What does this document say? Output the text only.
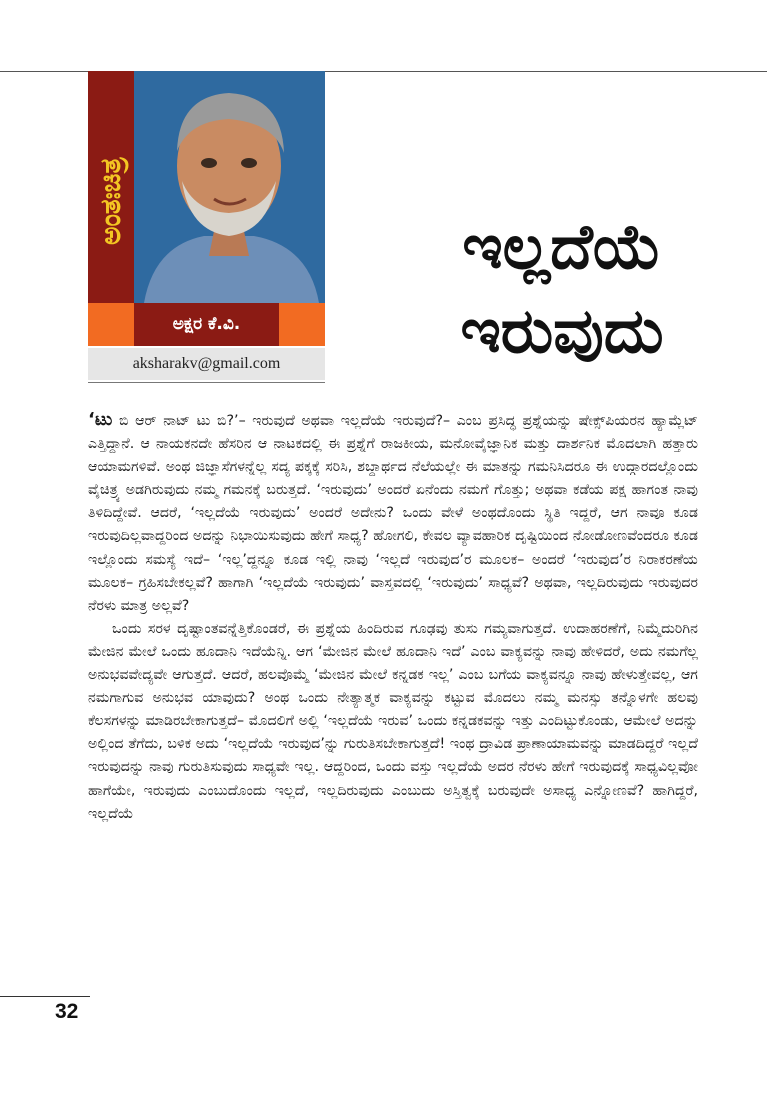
ಅಂತಃಚಿತ್ರ
ಅಕ್ಷರ ಕೆ.ವಿ.
aksharakv@gmail.com
ಇಲ್ಲದೆಯೆ
ಇರುವುದು

‘ಟು ಬಿ ಆರ್ ನಾಟ್ ಟು ಬಿ?’– ಇರುವುದೆ ಅಥವಾ ಇಲ್ಲದೆಯೆ ಇರುವುದೆ?– ಎಂಬ ಪ್ರಸಿದ್ಧ ಪ್ರಶ್ನೆಯನ್ನು ಷೇಕ್ಸ್‌ಪಿಯರನ ಹ್ಯಾಮ್ಲೆಟ್ ಎತ್ತಿದ್ದಾನೆ. ಆ ನಾಯಕನದೇ ಹೆಸರಿನ ಆ ನಾಟಕದಲ್ಲಿ ಈ ಪ್ರಶ್ನೆಗೆ ರಾಜಕೀಯ, ಮನೋವೈಜ್ಞಾನಿಕ ಮತ್ತು ದಾರ್ಶನಿಕ ಮೊದಲಾಗಿ ಹತ್ತಾರು ಆಯಾಮಗಳಿವೆ. ಅಂಥ ಜಿಜ್ಞಾಸೆಗಳನ್ನೆಲ್ಲ ಸದ್ಯ ಪಕ್ಕಕ್ಕೆ ಸರಿಸಿ, ಶಬ್ದಾರ್ಥದ ನೆಲೆಯಲ್ಲೇ ಈ ಮಾತನ್ನು ಗಮನಿಸಿದರೂ ಈ ಉದ್ಗಾರದಲ್ಲೊಂದು ವೈಚಿತ್ರ್ಯ ಅಡಗಿರುವುದು ನಮ್ಮ ಗಮನಕ್ಕೆ ಬರುತ್ತದೆ. ‘ಇರುವುದು’ ಅಂದರೆ ಏನೆಂದು ನಮಗೆ ಗೊತ್ತು; ಅಥವಾ ಕಡೆಯ ಪಕ್ಷ ಹಾಗಂತ ನಾವು ತಿಳಿದಿದ್ದೇವೆ. ಆದರೆ, ‘ಇಲ್ಲದೆಯೆ ಇರುವುದು’ ಅಂದರೆ ಅದೇನು? ಒಂದು ವೇಳೆ ಅಂಥದೊಂದು ಸ್ಥಿತಿ ಇದ್ದರೆ, ಆಗ ನಾವೂ ಕೂಡ ಇರುವುದಿಲ್ಲವಾದ್ದರಿಂದ ಅದನ್ನು ನಿಭಾಯಿಸುವುದು ಹೇಗೆ ಸಾಧ್ಯ? ಹೋಗಲಿ, ಕೇವಲ ವ್ಯಾವಹಾರಿಕ ದೃಷ್ಟಿಯಿಂದ ನೋಡೋಣವೆಂದರೂ ಕೂಡ ಇಲ್ಲೊಂದು ಸಮಸ್ಯೆ ಇದೆ– ‘ಇಲ್ಲ’ದ್ದನ್ನೂ ಕೂಡ ಇಲ್ಲಿ ನಾವು ‘ಇಲ್ಲದೆ ಇರುವುದ’ರ ಮೂಲಕ– ಅಂದರೆ ‘ಇರುವುದ’ರ ನಿರಾಕರಣೆಯ ಮೂಲಕ– ಗ್ರಹಿಸಬೇಕಲ್ಲವೆ? ಹಾಗಾಗಿ ‘ಇಲ್ಲದೆಯೆ ಇರುವುದು’ ವಾಸ್ತವದಲ್ಲಿ ‘ಇರುವುದು’ ಸಾಧ್ಯವೆ? ಅಥವಾ, ಇಲ್ಲದಿರುವುದು ಇರುವುದರ ನೆರಳು ಮಾತ್ರ ಅಲ್ಲವೆ?

ಒಂದು ಸರಳ ದೃಷ್ಟಾಂತವನ್ನೆತ್ತಿಕೊಂಡರೆ, ಈ ಪ್ರಶ್ನೆಯ ಹಿಂದಿರುವ ಗೂಢವು ತುಸು ಗಮ್ಯವಾಗುತ್ತದೆ. ಉದಾಹರಣೆಗೆ, ನಿಮ್ಮೆದುರಿಗಿನ ಮೇಜಿನ ಮೇಲೆ ಒಂದು ಹೂದಾನಿ ಇದೆಯೆನ್ನಿ. ಆಗ ‘ಮೇಜಿನ ಮೇಲೆ ಹೂದಾನಿ ಇದೆ’ ಎಂಬ ವಾಕ್ಯವನ್ನು ನಾವು ಹೇಳಿದರೆ, ಅದು ನಮಗೆಲ್ಲ ಅನುಭವವೇದ್ಯವೇ ಆಗುತ್ತದೆ. ಆದರೆ, ಹಲವೊಮ್ಮೆ ‘ಮೇಜಿನ ಮೇಲೆ ಕನ್ನಡಕ ಇಲ್ಲ’ ಎಂಬ ಬಗೆಯ ವಾಕ್ಯವನ್ನೂ ನಾವು ಹೇಳುತ್ತೇವಲ್ಲ, ಆಗ ನಮಗಾಗುವ ಅನುಭವ ಯಾವುದು? ಅಂಥ ಒಂದು ನೇತ್ಯಾತ್ಮಕ ವಾಕ್ಯವನ್ನು ಕಟ್ಟುವ ಮೊದಲು ನಮ್ಮ ಮನಸ್ಸು ತನ್ನೊಳಗೇ ಹಲವು ಕೆಲಸಗಳನ್ನು ಮಾಡಿರಬೇಕಾಗುತ್ತದೆ– ಮೊದಲಿಗೆ ಅಲ್ಲಿ ‘ಇಲ್ಲದೆಯೆ ಇರುವ’ ಒಂದು ಕನ್ನಡಕವನ್ನು ಇತ್ತು ಎಂದಿಟ್ಟುಕೊಂಡು, ಆಮೇಲೆ ಅದನ್ನು ಅಲ್ಲಿಂದ ತೆಗೆದು, ಬಳಿಕ ಅದು ‘ಇಲ್ಲದೆಯೆ ಇರುವುದ’ನ್ನು ಗುರುತಿಸಬೇಕಾಗುತ್ತದೆ! ಇಂಥ ದ್ರಾವಿಡ ಪ್ರಾಣಾಯಾಮವನ್ನು ಮಾಡದಿದ್ದರೆ ಇಲ್ಲದೆ ಇರುವುದನ್ನು ನಾವು ಗುರುತಿಸುವುದು ಸಾಧ್ಯವೇ ಇಲ್ಲ. ಆದ್ದರಿಂದ, ಒಂದು ವಸ್ತು ಇಲ್ಲದೆಯೆ ಅದರ ನೆರಳು ಹೇಗೆ ಇರುವುದಕ್ಕೆ ಸಾಧ್ಯವಿಲ್ಲವೋ ಹಾಗೆಯೇ, ಇರುವುದು ಎಂಬುದೊಂದು ಇಲ್ಲದೆ, ಇಲ್ಲದಿರುವುದು ಎಂಬುದು ಅಸ್ತಿತ್ವಕ್ಕೆ ಬರುವುದೇ ಅಸಾಧ್ಯ ಎನ್ನೋಣವೆ? ಹಾಗಿದ್ದರೆ, ಇಲ್ಲದೆಯೆ

32
